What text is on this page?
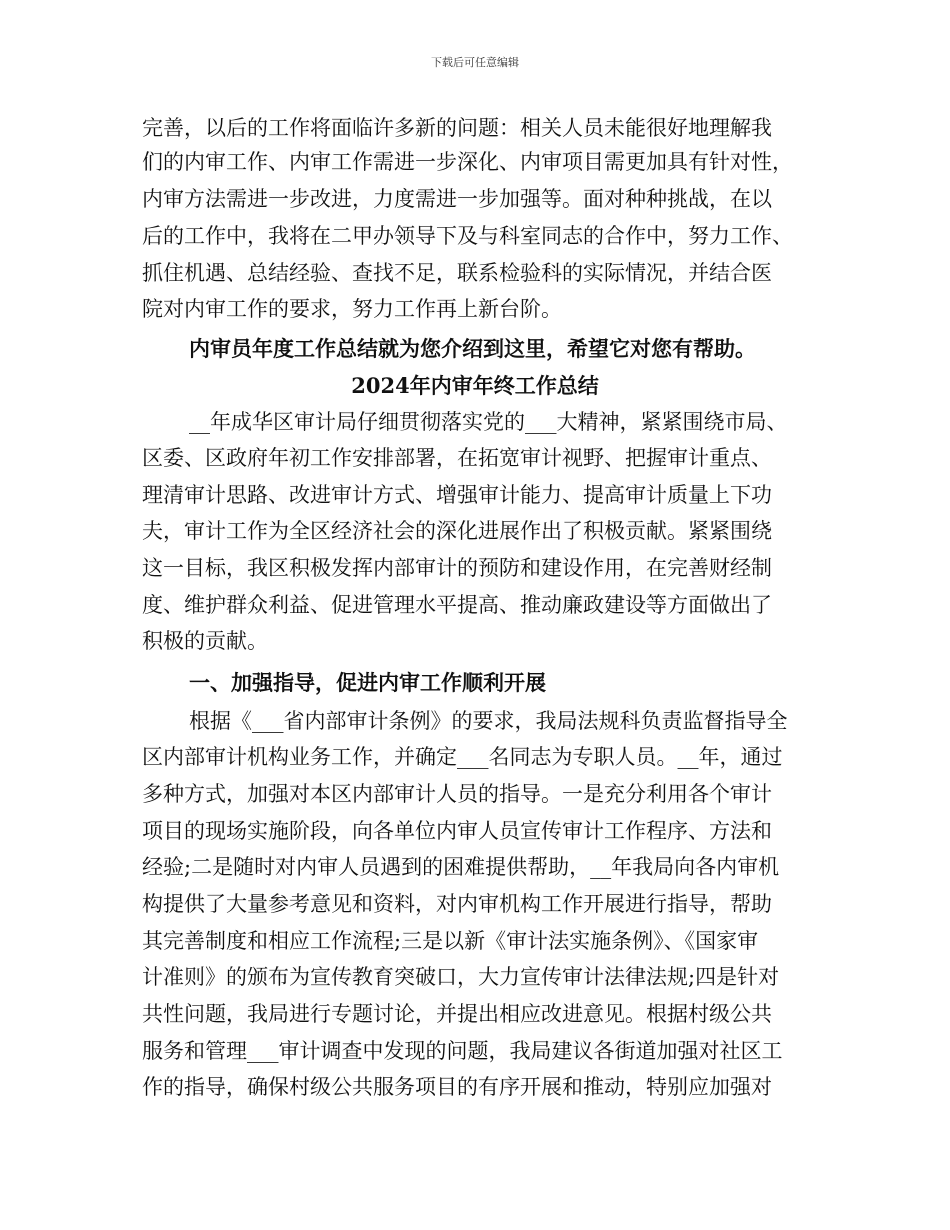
下载后可任意编辑
完善，以后的工作将面临许多新的问题：相关人员未能很好地理解我
们的内审工作、内审工作需进一步深化、内审项目需更加具有针对性，
内审方法需进一步改进，力度需进一步加强等。面对种种挑战，在以
后的工作中，我将在二甲办领导下及与科室同志的合作中，努力工作、
抓住机遇、总结经验、查找不足，联系检验科的实际情况，并结合医
院对内审工作的要求，努力工作再上新台阶。
内审员年度工作总结就为您介绍到这里，希望它对您有帮助。
2024年内审年终工作总结
__年成华区审计局仔细贯彻落实党的___大精神，紧紧围绕市局、
区委、区政府年初工作安排部署，在拓宽审计视野、把握审计重点、
理清审计思路、改进审计方式、增强审计能力、提高审计质量上下功
夫，审计工作为全区经济社会的深化进展作出了积极贡献。紧紧围绕
这一目标，我区积极发挥内部审计的预防和建设作用，在完善财经制
度、维护群众利益、促进管理水平提高、推动廉政建设等方面做出了
积极的贡献。
一、加强指导，促进内审工作顺利开展
根据《___省内部审计条例》的要求，我局法规科负责监督指导全
区内部审计机构业务工作，并确定___名同志为专职人员。__年，通过
多种方式，加强对本区内部审计人员的指导。一是充分利用各个审计
项目的现场实施阶段，向各单位内审人员宣传审计工作程序、方法和
经验;二是随时对内审人员遇到的困难提供帮助，__年我局向各内审机
构提供了大量参考意见和资料，对内审机构工作开展进行指导，帮助
其完善制度和相应工作流程;三是以新《审计法实施条例》、《国家审
计准则》的颁布为宣传教育突破口，大力宣传审计法律法规;四是针对
共性问题，我局进行专题讨论，并提出相应改进意见。根据村级公共
服务和管理___审计调查中发现的问题，我局建议各街道加强对社区工
作的指导，确保村级公共服务项目的有序开展和推动，特别应加强对
